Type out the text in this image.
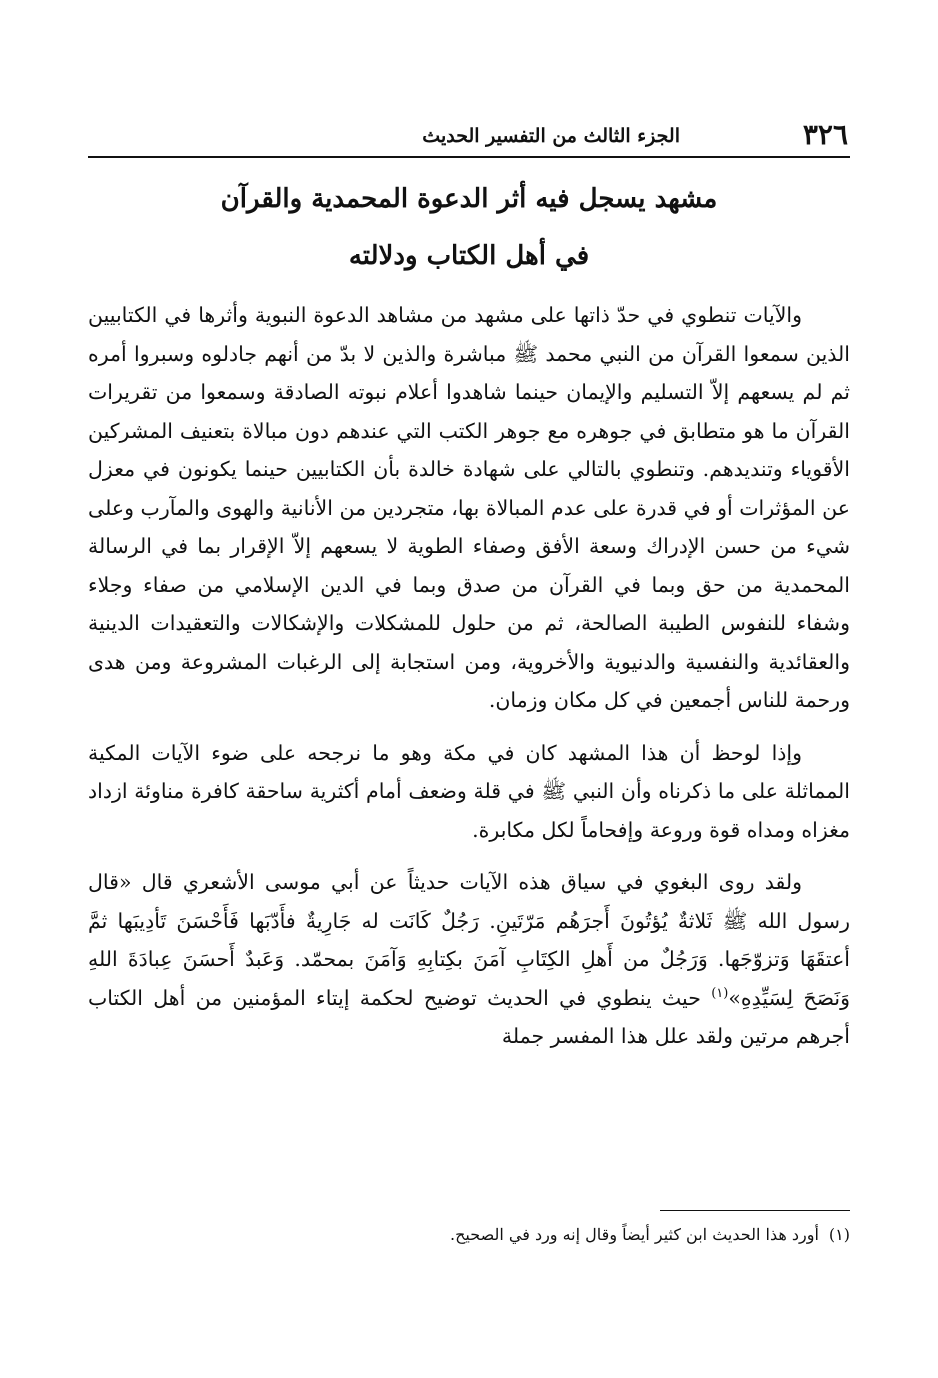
٣٢٦
الجزء الثالث من التفسير الحديث
مشهد يسجل فيه أثر الدعوة المحمدية والقرآن
في أهل الكتاب ودلالته

والآيات تنطوي في حدّ ذاتها على مشهد من مشاهد الدعوة النبوية وأثرها في الكتابيين الذين سمعوا القرآن من النبي محمد ﷺ مباشرة والذين لا بدّ من أنهم جادلوه وسبروا أمره ثم لم يسعهم إلاّ التسليم والإيمان حينما شاهدوا أعلام نبوته الصادقة وسمعوا من تقريرات القرآن ما هو متطابق في جوهره مع جوهر الكتب التي عندهم دون مبالاة بتعنيف المشركين الأقوياء وتنديدهم. وتنطوي بالتالي على شهادة خالدة بأن الكتابيين حينما يكونون في معزل عن المؤثرات أو في قدرة على عدم المبالاة بها، متجردين من الأنانية والهوى والمآرب وعلى شيء من حسن الإدراك وسعة الأفق وصفاء الطوية لا يسعهم إلاّ الإقرار بما في الرسالة المحمدية من حق وبما في القرآن من صدق وبما في الدين الإسلامي من صفاء وجلاء وشفاء للنفوس الطيبة الصالحة، ثم من حلول للمشكلات والإشكالات والتعقيدات الدينية والعقائدية والنفسية والدنيوية والأخروية، ومن استجابة إلى الرغبات المشروعة ومن هدى ورحمة للناس أجمعين في كل مكان وزمان.

وإذا لوحظ أن هذا المشهد كان في مكة وهو ما نرجحه على ضوء الآيات المكية المماثلة على ما ذكرناه وأن النبي ﷺ في قلة وضعف أمام أكثرية ساحقة كافرة مناوئة ازداد مغزاه ومداه قوة وروعة وإفحاماً لكل مكابرة.

ولقد روى البغوي في سياق هذه الآيات حديثاً عن أبي موسى الأشعري قال «قال رسول الله ﷺ ثَلاثةٌ يُؤتُونَ أَجرَهُم مَرّتَينِ. رَجُلٌ كَانَت له جَارِيةٌ فأَدّبَها فَأَحْسَنَ تَأدِيبَها ثمَّ أعتقَهَا وَتزوّجَها. وَرَجُلٌ من أَهلِ الكِتَابِ آمَنَ بكِتابِهِ وَآمَنَ بمحمّد. وَعَبدٌ أَحسَنَ عِبادَةَ اللهِ وَنَصَحَ لِسَيِّدِهِ»$^{(١)}$ حيث ينطوي في الحديث توضيح لحكمة إيتاء المؤمنين من أهل الكتاب أجرهم مرتين ولقد علل هذا المفسر جملة

(١)أورد هذا الحديث ابن كثير أيضاً وقال إنه ورد في الصحيح.
